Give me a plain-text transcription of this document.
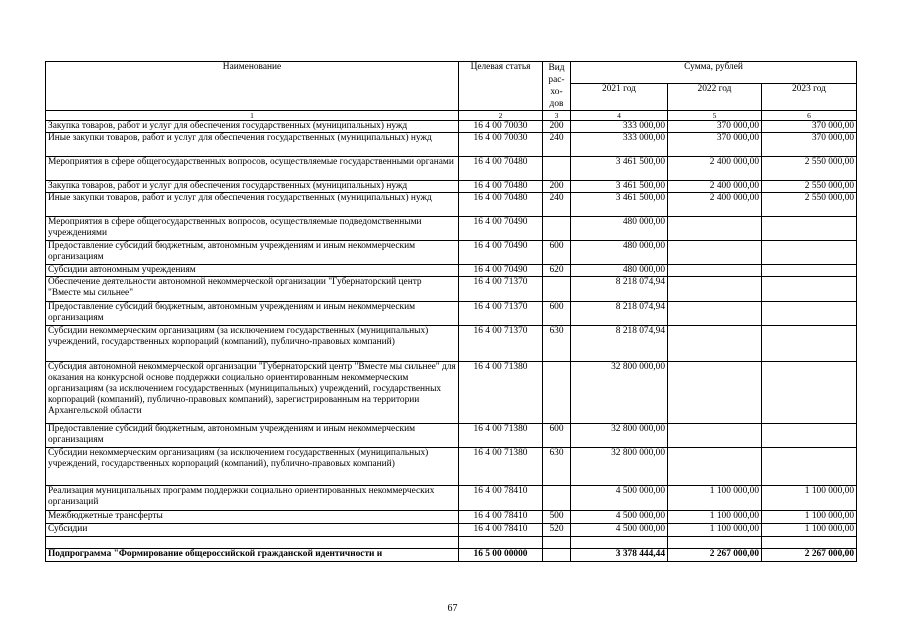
Наименование	Целевая статья	Вид
рас-
хо-
дов	Сумма, рублей		
			2021 год	2022 год	2023 год
1	2	3	4	5	6
Закупка товаров, работ и услуг для обеспечения государственных (муниципальных) нужд	16 4 00 70030	200	333 000,00	370 000,00	370 000,00
Иные закупки товаров, работ и услуг для обеспечения государственных (муниципальных) нужд	16 4 00 70030	240	333 000,00	370 000,00	370 000,00
Мероприятия в сфере общегосударственных вопросов, осуществляемые государственными органами	16 4 00 70480		3 461 500,00	2 400 000,00	2 550 000,00
Закупка товаров, работ и услуг для обеспечения государственных (муниципальных) нужд	16 4 00 70480	200	3 461 500,00	2 400 000,00	2 550 000,00
Иные закупки товаров, работ и услуг для обеспечения государственных (муниципальных) нужд	16 4 00 70480	240	3 461 500,00	2 400 000,00	2 550 000,00
Мероприятия в сфере общегосударственных вопросов, осуществляемые подведомственными учреждениями	16 4 00 70490		480 000,00		
Предоставление субсидий бюджетным, автономным учреждениям и иным некоммерческим организациям	16 4 00 70490	600	480 000,00		
Субсидии автономным учреждениям	16 4 00 70490	620	480 000,00		
Обеспечение деятельности автономной некоммерческой организации "Губернаторский центр "Вместе мы сильнее"	16 4 00 71370		8 218 074,94		
Предоставление субсидий бюджетным, автономным учреждениям и иным некоммерческим организациям	16 4 00 71370	600	8 218 074,94		
Субсидии некоммерческим организациям (за исключением государственных (муниципальных) учреждений, государственных корпораций (компаний), публично-правовых компаний)	16 4 00 71370	630	8 218 074,94		
Субсидия автономной некоммерческой организации "Губернаторский центр "Вместе мы сильнее" для оказания на конкурсной основе поддержки социально ориентированным некоммерческим организациям (за исключением государственных (муниципальных) учреждений, государственных корпораций (компаний), публично-правовых компаний), зарегистрированным на территории Архангельской области	16 4 00 71380		32 800 000,00		
Предоставление субсидий бюджетным, автономным учреждениям и иным некоммерческим организациям	16 4 00 71380	600	32 800 000,00		
Субсидии некоммерческим организациям (за исключением государственных (муниципальных) учреждений, государственных корпораций (компаний), публично-правовых компаний)	16 4 00 71380	630	32 800 000,00		
Реализация муниципальных программ поддержки социально ориентированных некоммерческих организаций	16 4 00 78410		4 500 000,00	1 100 000,00	1 100 000,00
Межбюджетные трансферты	16 4 00 78410	500	4 500 000,00	1 100 000,00	1 100 000,00
Субсидии	16 4 00 78410	520	4 500 000,00	1 100 000,00	1 100 000,00

Подпрограмма "Формирование общероссийской гражданской идентичности и	16 5 00 00000		3 378 444,44	2 267 000,00	2 267 000,00
67
